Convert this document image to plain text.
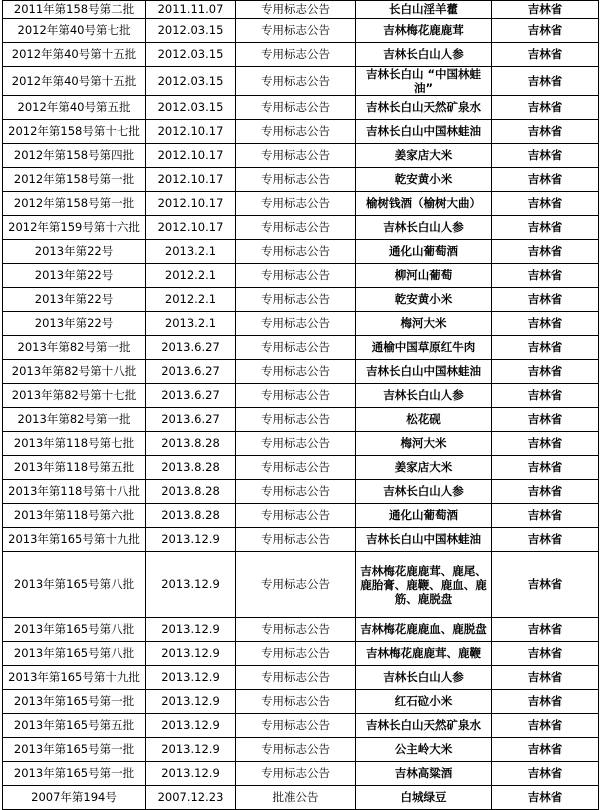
2011年第158号第二批	2011.11.07	专用标志公告	长白山淫羊藿	吉林省
2012年第40号第七批	2012.03.15	专用标志公告	吉林梅花鹿鹿茸	吉林省
2012年第40号第十五批	2012.03.15	专用标志公告	吉林长白山人参	吉林省
2012年第40号第十五批	2012.03.15	专用标志公告	吉林长白山 “中国林蛙油”	吉林省
2012年第40号第五批	2012.03.15	专用标志公告	吉林长白山天然矿泉水	吉林省
2012年第158号第十七批	2012.10.17	专用标志公告	吉林长白山中国林蛙油	吉林省
2012年第158号第四批	2012.10.17	专用标志公告	姜家店大米	吉林省
2012年第158号第一批	2012.10.17	专用标志公告	乾安黄小米	吉林省
2012年第158号第一批	2012.10.17	专用标志公告	榆树钱酒（榆树大曲）	吉林省
2012年第159号第十六批	2012.10.17	专用标志公告	吉林长白山人参	吉林省
2013年第22号	2013.2.1	专用标志公告	通化山葡萄酒	吉林省
2013年第22号	2012.2.1	专用标志公告	柳河山葡萄	吉林省
2013年第22号	2012.2.1	专用标志公告	乾安黄小米	吉林省
2013年第22号	2013.2.1	专用标志公告	梅河大米	吉林省
2013年第82号第一批	2013.6.27	专用标志公告	通榆中国草原红牛肉	吉林省
2013年第82号第十八批	2013.6.27	专用标志公告	吉林长白山中国林蛙油	吉林省
2013年第82号第十七批	2013.6.27	专用标志公告	吉林长白山人参	吉林省
2013年第82号第一批	2013.6.27	专用标志公告	松花砚	吉林省
2013年第118号第七批	2013.8.28	专用标志公告	梅河大米	吉林省
2013年第118号第五批	2013.8.28	专用标志公告	姜家店大米	吉林省
2013年第118号第十八批	2013.8.28	专用标志公告	吉林长白山人参	吉林省
2013年第118号第六批	2013.8.28	专用标志公告	通化山葡萄酒	吉林省
2013年第165号第十九批	2013.12.9	专用标志公告	吉林长白山中国林蛙油	吉林省
2013年第165号第八批	2013.12.9	专用标志公告	吉林梅花鹿鹿茸、鹿尾、鹿胎膏、鹿鞭、鹿血、鹿筋、鹿脱盘	吉林省
2013年第165号第八批	2013.12.9	专用标志公告	吉林梅花鹿鹿血、鹿脱盘	吉林省
2013年第165号第八批	2013.12.9	专用标志公告	吉林梅花鹿鹿茸、鹿鞭	吉林省
2013年第165号第十九批	2013.12.9	专用标志公告	吉林长白山人参	吉林省
2013年第165号第一批	2013.12.9	专用标志公告	红石砬小米	吉林省
2013年第165号第五批	2013.12.9	专用标志公告	吉林长白山天然矿泉水	吉林省
2013年第165号第一批	2013.12.9	专用标志公告	公主岭大米	吉林省
2013年第165号第一批	2013.12.9	专用标志公告	吉林高粱酒	吉林省
2007年第194号	2007.12.23	批准公告	白城绿豆	吉林省
